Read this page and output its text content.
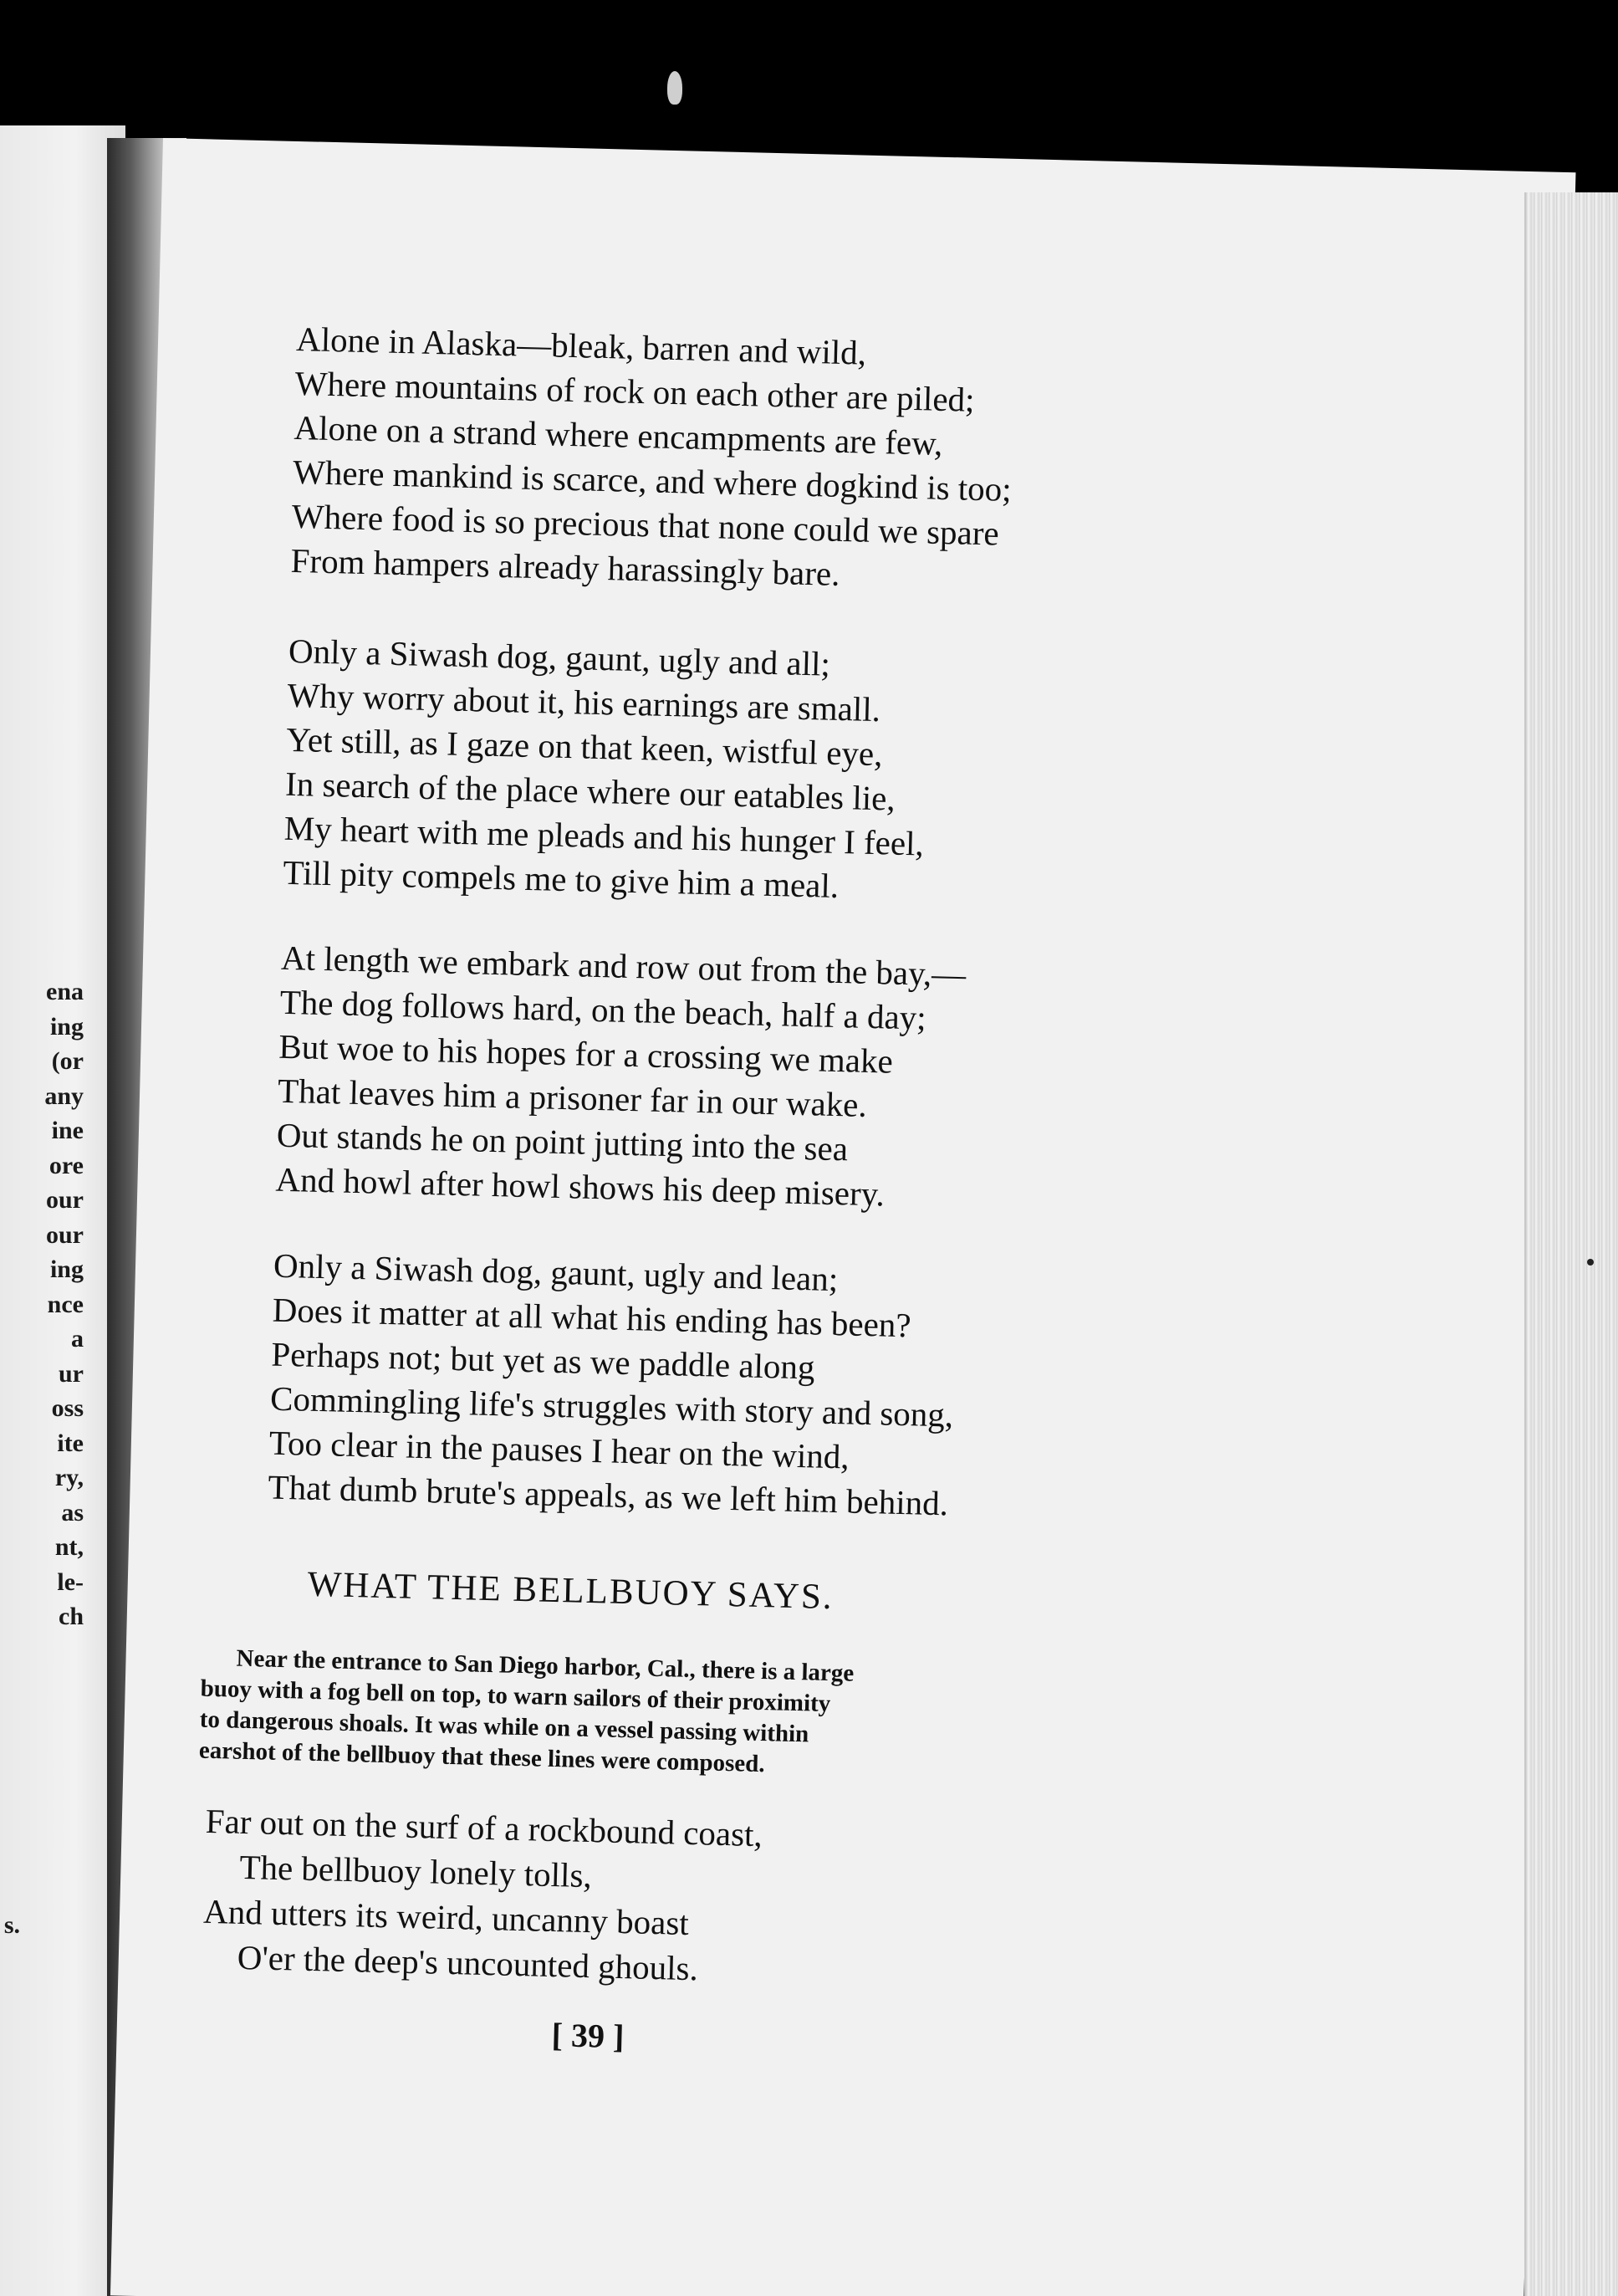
ena
ing
(or
any
ine
ore
our
our
ing
nce
a
ur
oss
ite
ry,
as
nt,
le-
ch
s.
Alone in Alaska—bleak, barren and wild,
Where mountains of rock on each other are piled;
Alone on a strand where encampments are few,
Where mankind is scarce, and where dogkind is too;
Where food is so precious that none could we spare
From hampers already harassingly bare.
Only a Siwash dog, gaunt, ugly and all;
Why worry about it, his earnings are small.
Yet still, as I gaze on that keen, wistful eye,
In search of the place where our eatables lie,
My heart with me pleads and his hunger I feel,
Till pity compels me to give him a meal.
At length we embark and row out from the bay,—
The dog follows hard, on the beach, half a day;
But woe to his hopes for a crossing we make
That leaves him a prisoner far in our wake.
Out stands he on point jutting into the sea
And howl after howl shows his deep misery.
Only a Siwash dog, gaunt, ugly and lean;
Does it matter at all what his ending has been?
Perhaps not; but yet as we paddle along
Commingling life's struggles with story and song,
Too clear in the pauses I hear on the wind,
That dumb brute's appeals, as we left him behind.
WHAT THE BELLBUOY SAYS.
Near the entrance to San Diego harbor, Cal., there is a large
buoy with a fog bell on top, to warn sailors of their proximity
to dangerous shoals. It was while on a vessel passing within
earshot of the bellbuoy that these lines were composed.
Far out on the surf of a rockbound coast,
The bellbuoy lonely tolls,
And utters its weird, uncanny boast
O'er the deep's uncounted ghouls.
[ 39 ]
